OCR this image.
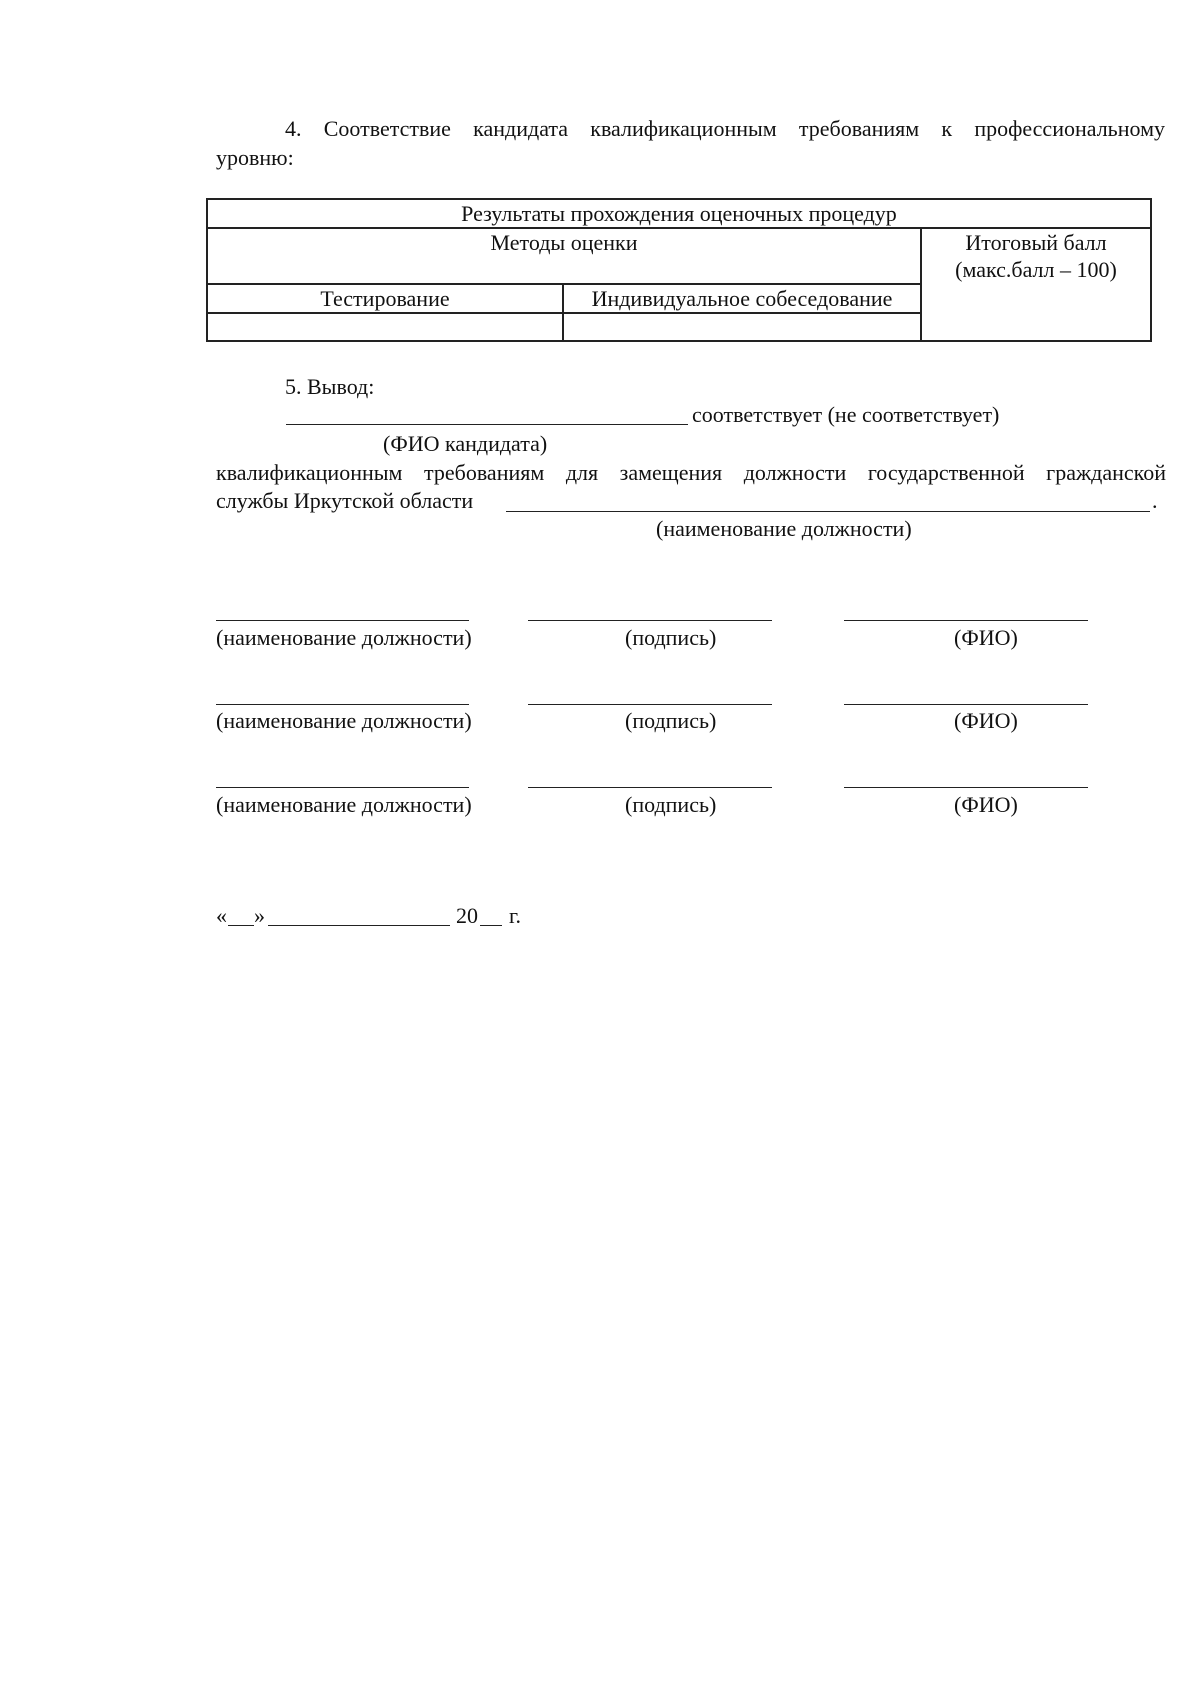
4. Соответствие кандидата квалификационным требованиям к профессиональному
уровню:
Результаты прохождения оценочных процедур		
Методы оценки		Итоговый балл
(макс.балл – 100)

Тестирование	Индивидуальное собеседование	

5. Вывод:
соответствует (не соответствует)
(ФИО кандидата)
квалификационным требованиям для замещения должности государственной гражданской
службы Иркутской области	.
(наименование должности)
(наименование должности)	(подпись)	(ФИО)
(наименование должности)	(подпись)	(ФИО)
(наименование должности)	(подпись)	(ФИО)
« »	20 г.
